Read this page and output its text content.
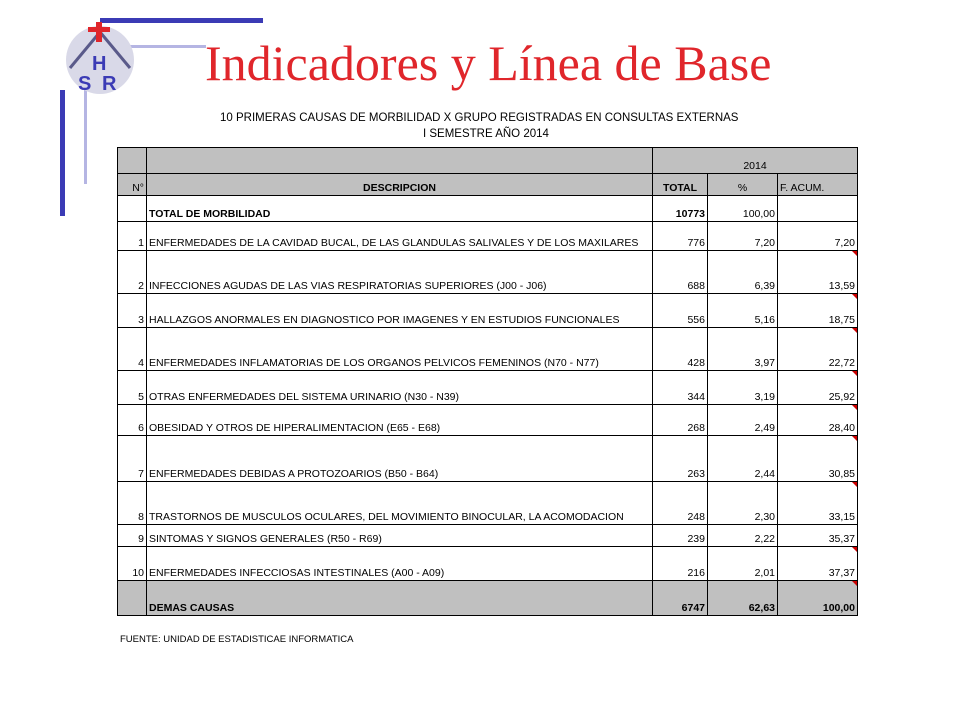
H
S R Indicadores y Línea de Base
10 PRIMERAS CAUSAS DE MORBILIDAD X GRUPO REGISTRADAS EN CONSULTAS EXTERNAS
I SEMESTRE AÑO 2014
		2014		
N°	DESCRIPCION	TOTAL	%	F. ACUM.
	TOTAL DE MORBILIDAD	10773	100,00	
1	ENFERMEDADES DE LA CAVIDAD BUCAL, DE LAS GLANDULAS SALIVALES Y DE LOS MAXILARES	776	7,20	7,20
2	INFECCIONES AGUDAS DE LAS VIAS RESPIRATORIAS SUPERIORES (J00 - J06)	688	6,39	13,59

3	HALLAZGOS ANORMALES EN DIAGNOSTICO POR IMAGENES Y EN ESTUDIOS FUNCIONALES	556	5,16	18,75

4	ENFERMEDADES INFLAMATORIAS DE LOS ORGANOS PELVICOS FEMENINOS (N70 - N77)	428	3,97	22,72

5	OTRAS ENFERMEDADES DEL SISTEMA URINARIO (N30 - N39)	344	3,19	25,92

6	OBESIDAD Y OTROS DE HIPERALIMENTACION (E65 - E68)	268	2,49	28,40

7	ENFERMEDADES DEBIDAS A PROTOZOARIOS (B50 - B64)	263	2,44	30,85

8	TRASTORNOS DE MUSCULOS OCULARES, DEL MOVIMIENTO BINOCULAR, LA ACOMODACION	248	2,30	33,15

9	SINTOMAS Y SIGNOS GENERALES (R50 - R69)	239	2,22	35,37
10	ENFERMEDADES INFECCIOSAS INTESTINALES (A00 - A09)	216	2,01	37,37

	DEMAS CAUSAS	6747	62,63	100,00
FUENTE: UNIDAD DE ESTADISTICAE INFORMATICA
